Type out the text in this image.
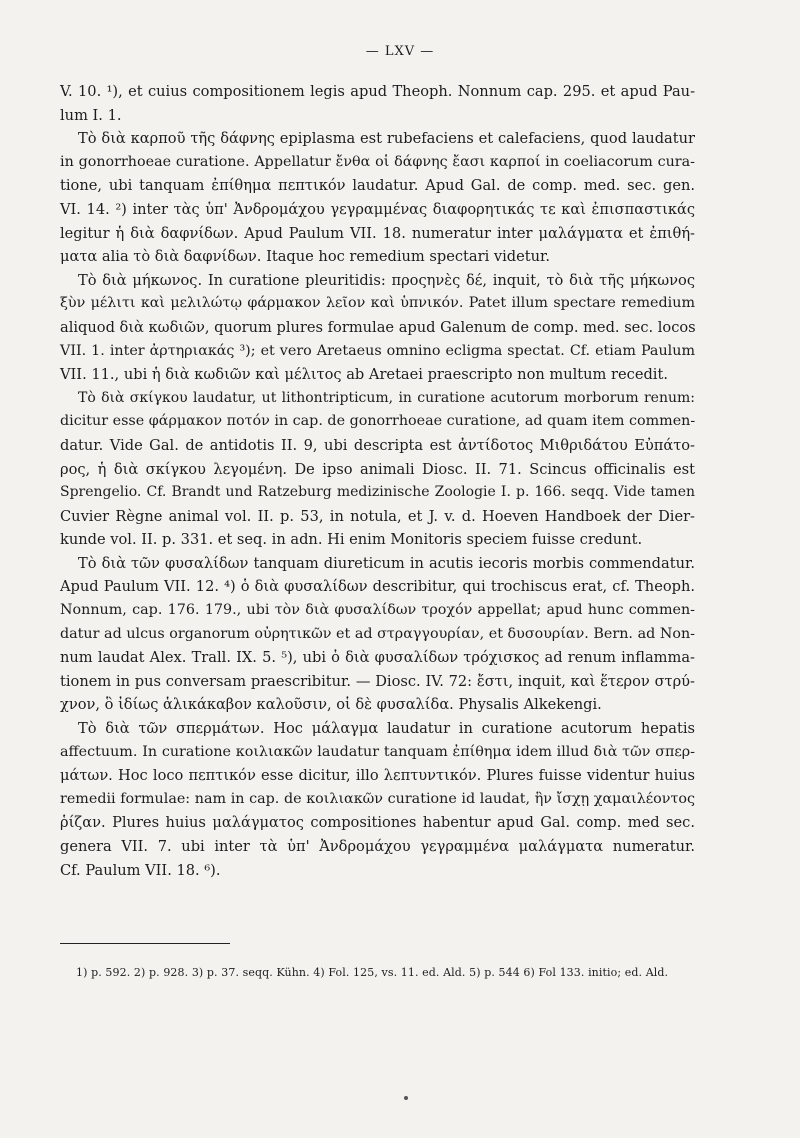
— LXV —
V. 10. ¹), et cuius compositionem legis apud Theoph. Nonnum cap. 295. et apud Pau-
lum I. 1.
Τὸ διὰ καρποῦ τῆς δάφνης epiplasma est rubefaciens et calefaciens, quod laudatur
in gonorrhoeae curatione. Appellatur ἔνθα οἱ δάφνης ἔασι καρποί in coeliacorum cura-
tione, ubi tanquam ἐπίθημα πεπτικόν laudatur. Apud Gal. de comp. med. sec. gen.
VI. 14. ²) inter τὰς ὑπ' Ἀνδρομάχου γεγραμμένας διαφορητικάς τε καὶ ἐπισπαστικάς
legitur ἡ διὰ δαφνίδων. Apud Paulum VII. 18. numeratur inter μαλάγματα et ἐπιθή-
ματα alia τὸ διὰ δαφνίδων. Itaque hoc remedium spectari videtur.
Τὸ διὰ μήκωνος. In curatione pleuritidis: προςηνὲς δέ, inquit, τὸ διὰ τῆς μήκωνος
ξὺν μέλιτι καὶ μελιλώτῳ φάρμακον λεῖον καὶ ὑπνικόν. Patet illum spectare remedium
aliquod διὰ κωδιῶν, quorum plures formulae apud Galenum de comp. med. sec. locos
VII. 1. inter ἀρτηριακάς ³); et vero Aretaeus omnino ecligma spectat. Cf. etiam Paulum
VII. 11., ubi ἡ διὰ κωδιῶν καὶ μέλιτος ab Aretaei praescripto non multum recedit.
Τὸ διὰ σκίγκου laudatur, ut lithontripticum, in curatione acutorum morborum renum:
dicitur esse φάρμακον ποτόν in cap. de gonorrhoeae curatione, ad quam item commen-
datur. Vide Gal. de antidotis II. 9, ubi descripta est ἀντίδοτος Μιθριδάτου Εὐπάτο-
ρος, ἡ διὰ σκίγκου λεγομένη. De ipso animali Diosc. II. 71. Scincus officinalis est
Sprengelio. Cf. Brandt und Ratzeburg medizinische Zoologie I. p. 166. seqq. Vide tamen
Cuvier Règne animal vol. II. p. 53, in notula, et J. v. d. Hoeven Handboek der Dier-
kunde vol. II. p. 331. et seq. in adn. Hi enim Monitoris speciem fuisse credunt.
Τὸ διὰ τῶν φυσαλίδων tanquam diureticum in acutis iecoris morbis commendatur.
Apud Paulum VII. 12. ⁴) ὁ διὰ φυσαλίδων describitur, qui trochiscus erat, cf. Theoph.
Nonnum, cap. 176. 179., ubi τὸν διὰ φυσαλίδων τροχόν appellat; apud hunc commen-
datur ad ulcus organorum οὐρητικῶν et ad στραγγουρίαν, et δυσουρίαν. Bern. ad Non-
num laudat Alex. Trall. IX. 5. ⁵), ubi ὁ διὰ φυσαλίδων τρόχισκος ad renum inflamma-
tionem in pus conversam praescribitur. — Diosc. IV. 72: ἔστι, inquit, καὶ ἕτερον στρύ-
χνον, ὃ ἰδίως ἁλικάκαβον καλοῦσιν, οἱ δὲ φυσαλίδα. Physalis Alkekengi.
Τὸ διὰ τῶν σπερμάτων. Hoc μάλαγμα laudatur in curatione acutorum hepatis
affectuum. In curatione κοιλιακῶν laudatur tanquam ἐπίθημα idem illud διὰ τῶν σπερ-
μάτων. Hoc loco πεπτικόν esse dicitur, illo λεπτυντικόν. Plures fuisse videntur huius
remedii formulae: nam in cap. de κοιλιακῶν curatione id laudat, ἣν ἴσχῃ χαμαιλέοντος
ῥίζαν. Plures huius μαλάγματος compositiones habentur apud Gal. comp. med sec.
genera VII. 7. ubi inter τὰ ὑπ' Ἀνδρομάχου γεγραμμένα μαλάγματα numeratur.
Cf. Paulum VII. 18. ⁶).
1) p. 592. 2) p. 928. 3) p. 37. seqq. Kühn. 4) Fol. 125, vs. 11. ed. Ald. 5) p. 544 6) Fol 133. initio; ed. Ald.
